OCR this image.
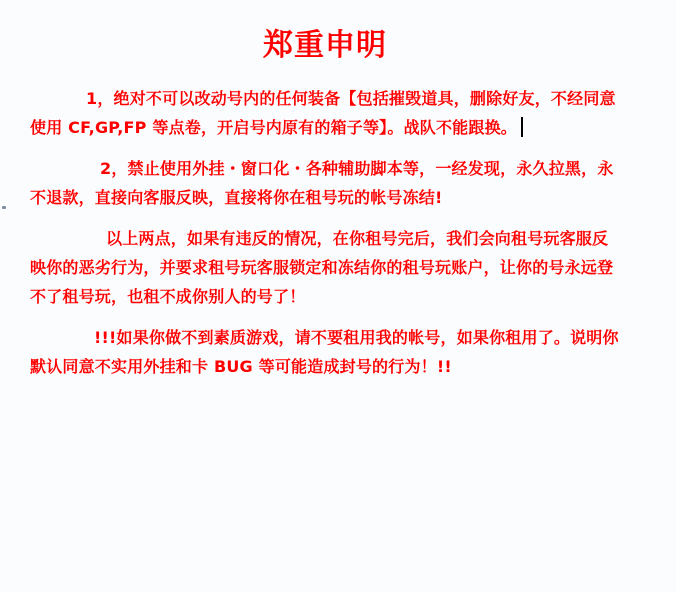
郑重申明

1，绝对不可以改动号内的任何装备【包括摧毁道具，删除好友，不经同意使用 CF,GP,FP 等点卷，开启号内原有的箱子等】。战队不能跟换。

2，禁止使用外挂・窗口化・各种辅助脚本等，一经发现，永久拉黑，永不退款，直接向客服反映，直接将你在租号玩的帐号冻结!

以上两点，如果有违反的情况，在你租号完后，我们会向租号玩客服反映你的恶劣行为，并要求租号玩客服锁定和冻结你的租号玩账户，让你的号永远登不了租号玩，也租不成你别人的号了！

!!!如果你做不到素质游戏，请不要租用我的帐号，如果你租用了。说明你默认同意不实用外挂和卡 BUG 等可能造成封号的行为！!!
